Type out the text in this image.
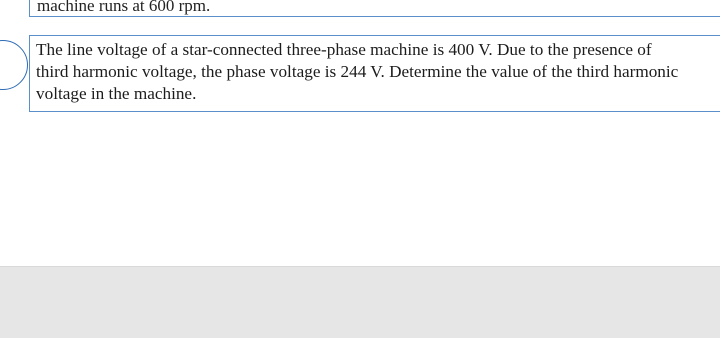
machine runs at 600 rpm.
The line voltage of a star-connected three-phase machine is 400 V. Due to the presence of
third harmonic voltage, the phase voltage is 244 V. Determine the value of the third harmonic
voltage in the machine.
